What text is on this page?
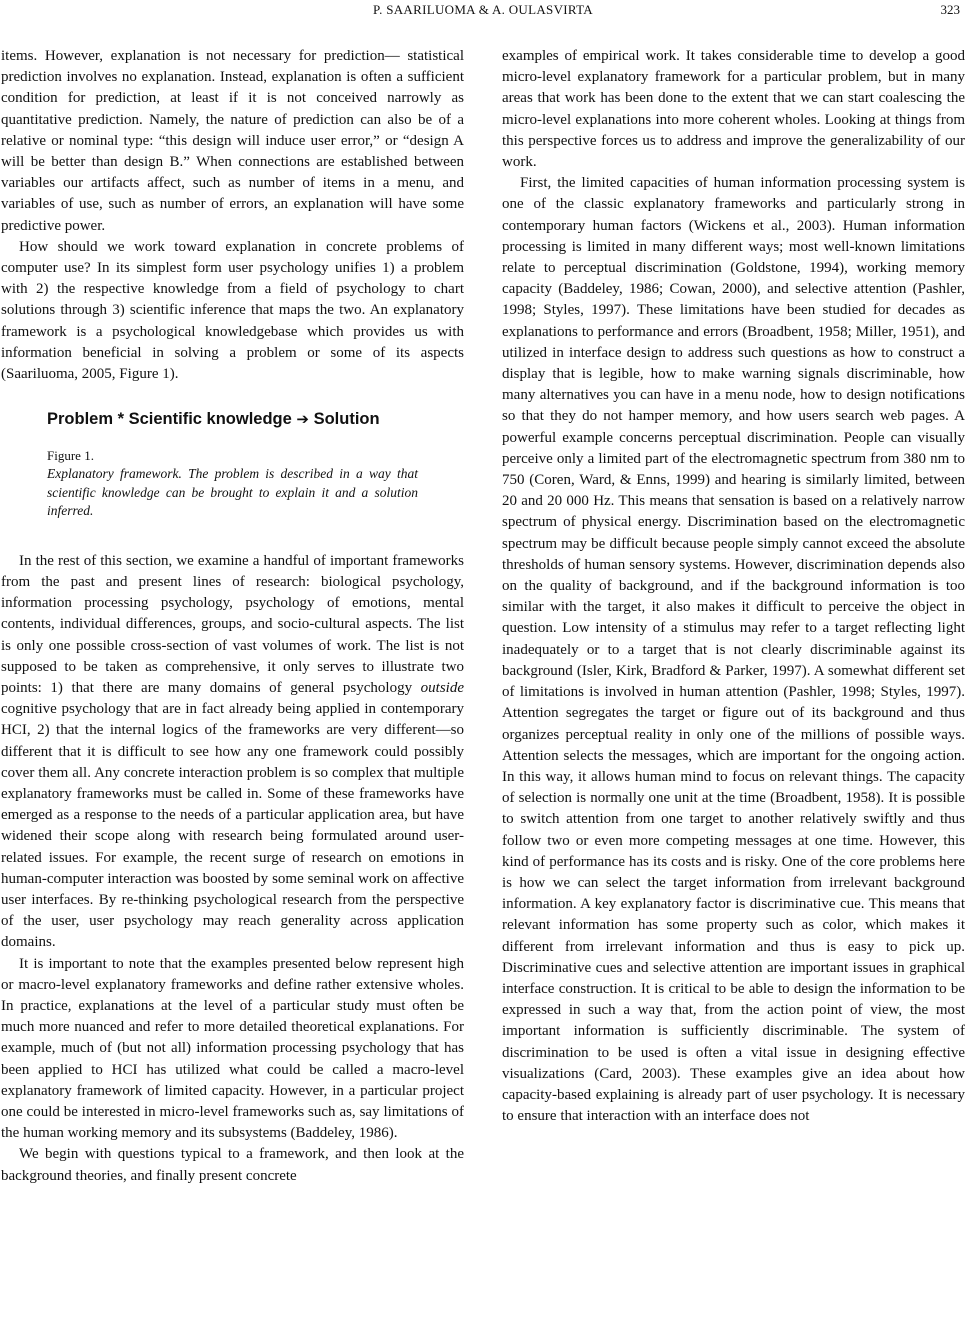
P. SAARILUOMA & A. OULASVIRTA	323

items. However, explanation is not necessary for prediction— statistical prediction involves no explanation. Instead, explanation is often a sufficient condition for prediction, at least if it is not conceived narrowly as quantitative prediction. Namely, the nature of prediction can also be of a relative or nominal type: “this design will induce user error,” or “design A will be better than design B.” When connections are established between variables our artifacts affect, such as number of items in a menu, and variables of use, such as number of errors, an explanation will have some predictive power.

How should we work toward explanation in concrete problems of computer use? In its simplest form user psychology unifies 1) a problem with 2) the respective knowledge from a field of psychology to chart solutions through 3) scientific inference that maps the two. An explanatory framework is a psychological knowledgebase which provides us with information beneficial in solving a problem or some of its aspects (Saariluoma, 2005, Figure 1).

Problem * Scientific knowledge ➔ Solution

Figure 1.

Explanatory framework. The problem is described in a way that scientific knowledge can be brought to explain it and a solution inferred.

In the rest of this section, we examine a handful of important frameworks from the past and present lines of research: biological psychology, information processing psychology, psychology of emotions, mental contents, individual differences, groups, and socio-cultural aspects. The list is only one possible cross-section of vast volumes of work. The list is not supposed to be taken as comprehensive, it only serves to illustrate two points: 1) that there are many domains of general psychology outside cognitive psychology that are in fact already being applied in contemporary HCI, 2) that the internal logics of the frameworks are very different—so different that it is difficult to see how any one framework could possibly cover them all. Any concrete interaction problem is so complex that multiple explanatory frameworks must be called in. Some of these frameworks have emerged as a response to the needs of a particular application area, but have widened their scope along with research being formulated around user-related issues. For example, the recent surge of research on emotions in human-computer interaction was boosted by some seminal work on affective user interfaces. By re-thinking psychological research from the perspective of the user, user psychology may reach generality across application domains.

It is important to note that the examples presented below represent high or macro-level explanatory frameworks and define rather extensive wholes. In practice, explanations at the level of a particular study must often be much more nuanced and refer to more detailed theoretical explanations. For example, much of (but not all) information processing psychology that has been applied to HCI has utilized what could be called a macro-level explanatory framework of limited capacity. However, in a particular project one could be interested in micro-level frameworks such as, say limitations of the human working memory and its subsystems (Baddeley, 1986).

We begin with questions typical to a framework, and then look at the background theories, and finally present concrete

examples of empirical work. It takes considerable time to develop a good micro-level explanatory framework for a particular problem, but in many areas that work has been done to the extent that we can start coalescing the micro-level explanations into more coherent wholes. Looking at things from this perspective forces us to address and improve the generalizability of our work.

First, the limited capacities of human information processing system is one of the classic explanatory frameworks and particularly strong in contemporary human factors (Wickens et al., 2003). Human information processing is limited in many different ways; most well-known limitations relate to perceptual discrimination (Goldstone, 1994), working memory capacity (Baddeley, 1986; Cowan, 2000), and selective attention (Pashler, 1998; Styles, 1997). These limitations have been studied for decades as explanations to performance and errors (Broadbent, 1958; Miller, 1951), and utilized in interface design to address such questions as how to construct a display that is legible, how to make warning signals discriminable, how many alternatives you can have in a menu node, how to design notifications so that they do not hamper memory, and how users search web pages. A powerful example concerns perceptual discrimination. People can visually perceive only a limited part of the electromagnetic spectrum from 380 nm to 750 (Coren, Ward, & Enns, 1999) and hearing is similarly limited, between 20 and 20 000 Hz. This means that sensation is based on a relatively narrow spectrum of physical energy. Discrimination based on the electromagnetic spectrum may be difficult because people simply cannot exceed the absolute thresholds of human sensory systems. However, discrimination depends also on the quality of background, and if the background information is too similar with the target, it also makes it difficult to perceive the object in question. Low intensity of a stimulus may refer to a target reflecting light inadequately or to a target that is not clearly discriminable against its background (Isler, Kirk, Bradford & Parker, 1997). A somewhat different set of limitations is involved in human attention (Pashler, 1998; Styles, 1997). Attention segregates the target or figure out of its background and thus organizes perceptual reality in only one of the millions of possible ways. Attention selects the messages, which are important for the ongoing action. In this way, it allows human mind to focus on relevant things. The capacity of selection is normally one unit at the time (Broadbent, 1958). It is possible to switch attention from one target to another relatively swiftly and thus follow two or even more competing messages at one time. However, this kind of performance has its costs and is risky. One of the core problems here is how we can select the target information from irrelevant background information. A key explanatory factor is discriminative cue. This means that relevant information has some property such as color, which makes it different from irrelevant information and thus is easy to pick up. Discriminative cues and selective attention are important issues in graphical interface construction. It is critical to be able to design the information to be expressed in such a way that, from the action point of view, the most important information is sufficiently discriminable. The system of discrimination to be used is often a vital issue in designing effective visualizations (Card, 2003). These examples give an idea about how capacity-based explaining is already part of user psychology. It is necessary to ensure that interaction with an interface does not
